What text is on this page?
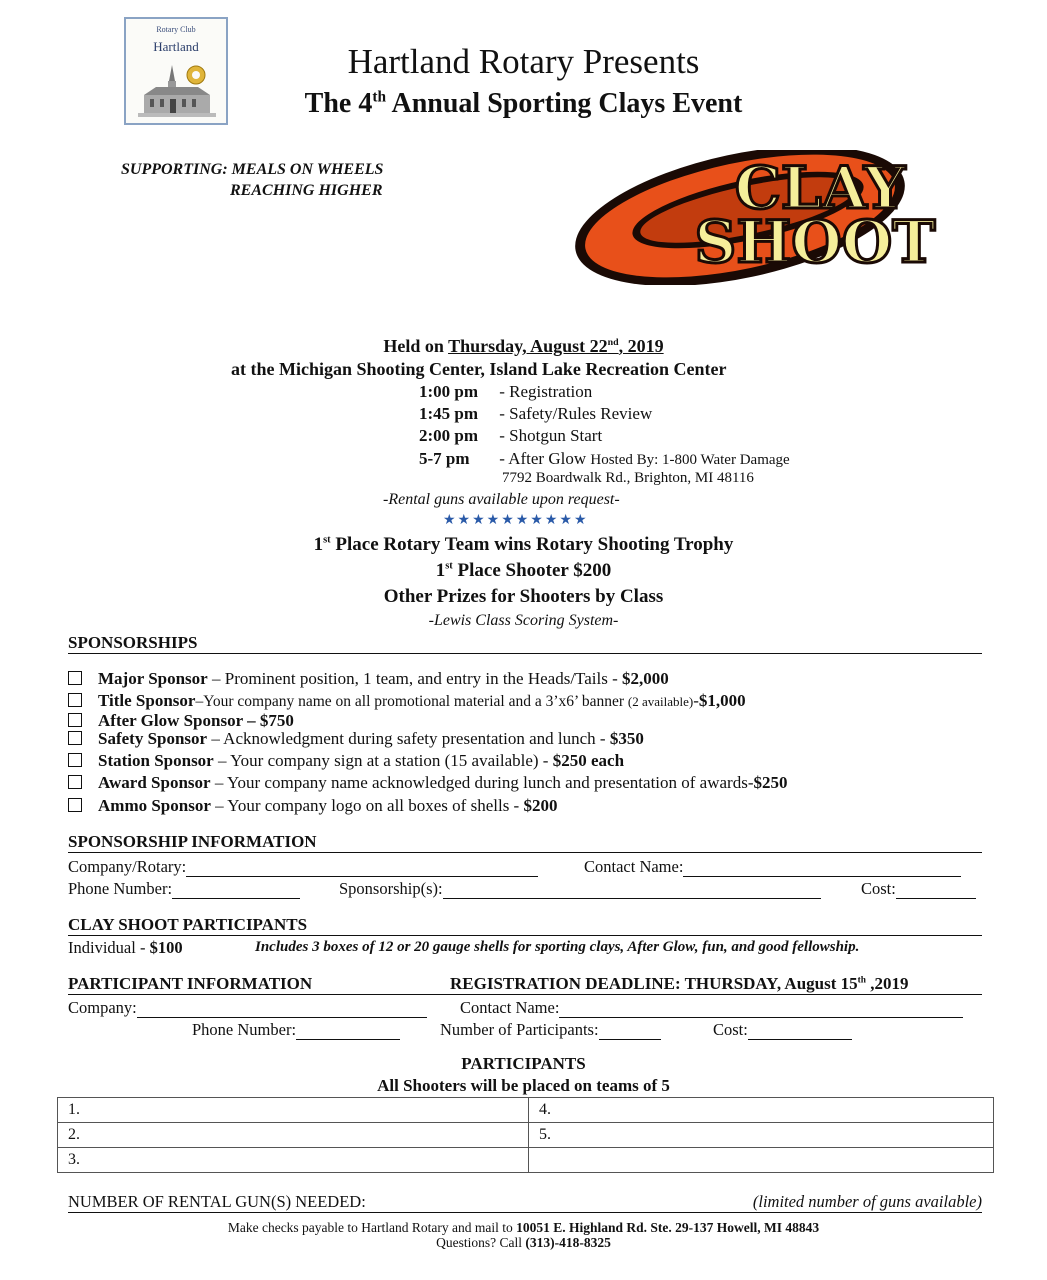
Rotary Club
Hartland	Hartland Rotary Presents
The 4th Annual Sporting Clays Event
SUPPORTING: MEALS ON WHEELS
REACHING HIGHER	CLAY
SHOOT
Held on Thursday, August 22nd, 2019
at the Michigan Shooting Center, Island Lake Recreation Center
1:00 pm - Registration
1:45 pm - Safety/Rules Review
2:00 pm - Shotgun Start
5-7 pm - After Glow Hosted By: 1-800 Water Damage
7792 Boardwalk Rd., Brighton, MI 48116
-Rental guns available upon request-
★★★★★★★★★★
1st Place Rotary Team wins Rotary Shooting Trophy
1st Place Shooter $200
Other Prizes for Shooters by Class
-Lewis Class Scoring System-
SPONSORSHIPS
Major Sponsor – Prominent position, 1 team, and entry in the Heads/Tails - $2,000
Title Sponsor–Your company name on all promotional material and a 3’x6’ banner (2 available)-$1,000
After Glow Sponsor – $750
Safety Sponsor – Acknowledgment during safety presentation and lunch - $350
Station Sponsor – Your company sign at a station (15 available) - $250 each
Award Sponsor – Your company name acknowledged during lunch and presentation of awards-$250
Ammo Sponsor – Your company logo on all boxes of shells - $200
SPONSORSHIP INFORMATION
Company/Rotary:	Contact Name:
Phone Number:	Sponsorship(s):	Cost:
CLAY SHOOT PARTICIPANTS
Individual - $100	Includes 3 boxes of 12 or 20 gauge shells for sporting clays, After Glow, fun, and good fellowship.
PARTICIPANT INFORMATION	REGISTRATION DEADLINE: THURSDAY, August 15th ,2019
Company:	Contact Name:
Phone Number:	Number of Participants:	Cost:
PARTICIPANTS
All Shooters will be placed on teams of 5
1.	4.
2.	5.
3.	
NUMBER OF RENTAL GUN(S) NEEDED:	(limited number of guns available)
Make checks payable to Hartland Rotary and mail to 10051 E. Highland Rd. Ste. 29-137 Howell, MI 48843
Questions? Call (313)-418-8325
